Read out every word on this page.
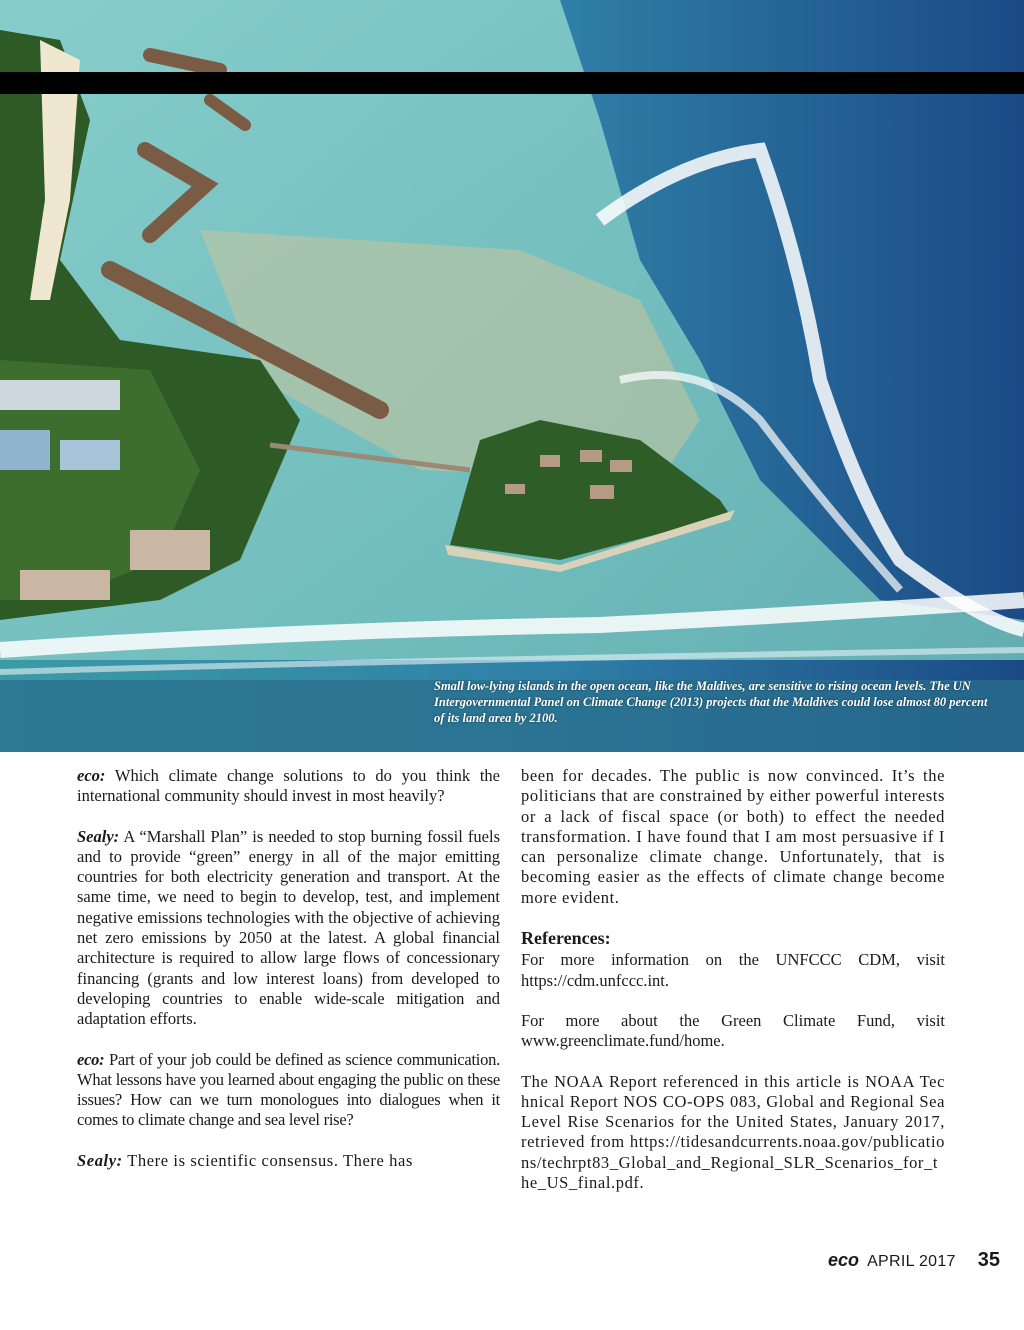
Small low-lying islands in the open ocean, like the Maldives, are sensitive to rising ocean levels. The UN Intergovernmental Panel on Climate Change (2013) projects that the Maldives could lose almost 80 percent of its land area by 2100.

eco: Which climate change solutions to do you think the international community should invest in most heavily?

Sealy: A “Marshall Plan” is needed to stop burning fossil fuels and to provide “green” energy in all of the major emitting countries for both electricity generation and transport. At the same time, we need to begin to develop, test, and implement negative emissions technologies with the objective of achieving net zero emissions by 2050 at the latest. A global financial architecture is required to allow large flows of concessionary financing (grants and low interest loans) from developed to developing countries to enable wide-scale mitigation and adaptation efforts.

eco: Part of your job could be defined as science communication. What lessons have you learned about engaging the public on these issues? How can we turn monologues into dialogues when it comes to climate change and sea level rise?

Sealy: There is scientific consensus. There has

been for decades. The public is now convinced. It’s the politicians that are constrained by either powerful interests or a lack of fiscal space (or both) to effect the needed transformation. I have found that I am most persuasive if I can personalize climate change. Unfortunately, that is becoming easier as the effects of climate change become more evident.

References:

For more information on the UNFCCC CDM, visit https://cdm.unfccc.int.

For more about the Green Climate Fund, visit www.greenclimate.fund/home.

The NOAA Report referenced in this article is NOAA Technical Report NOS CO-OPS 083, Global and Regional Sea Level Rise Scenarios for the United States, January 2017, retrieved from https://tidesandcurrents.noaa.gov/publications/techrpt83_Global_and_Regional_SLR_Scenarios_for_the_US_final.pdf.

eco APRIL 2017 35
